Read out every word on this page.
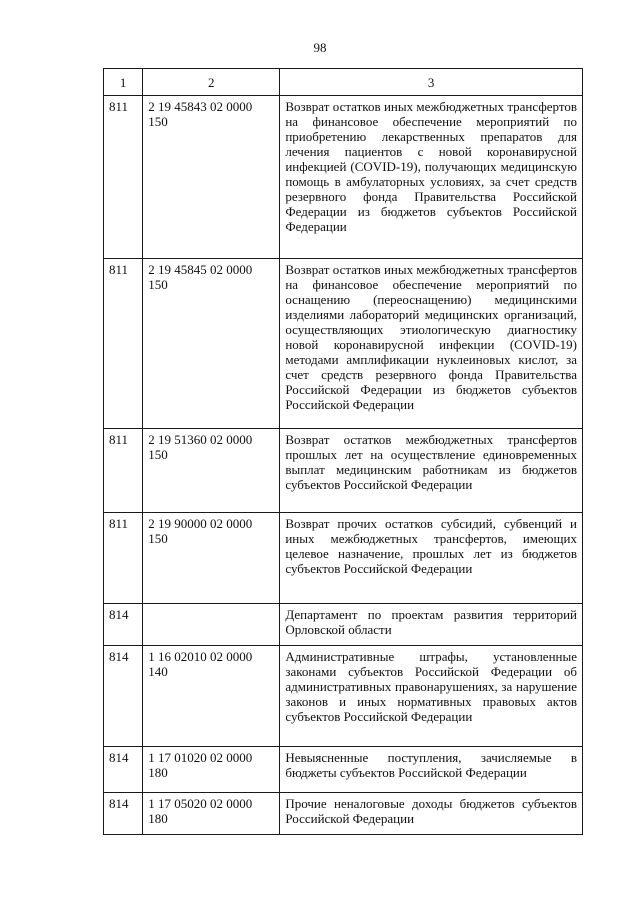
98
1	2	3
811	2 19 45843 02 0000 150	Возврат остатков иных межбюджетных трансфертов на финансовое обеспечение мероприятий по приобретению лекарственных препаратов для лечения пациентов с новой коронавирусной инфекцией (COVID-19), получающих медицинскую помощь в амбулаторных условиях, за счет средств резервного фонда Правительства Российской Федерации из бюджетов субъектов Российской Федерации
811	2 19 45845 02 0000 150	Возврат остатков иных межбюджетных трансфертов на финансовое обеспечение мероприятий по оснащению (переоснащению) медицинскими изделиями лабораторий медицинских организаций, осуществляющих этиологическую диагностику новой коронавирусной инфекции (COVID-19) методами амплификации нуклеиновых кислот, за счет средств резервного фонда Правительства Российской Федерации из бюджетов субъектов Российской Федерации
811	2 19 51360 02 0000 150	Возврат остатков межбюджетных трансфертов прошлых лет на осуществление единовременных выплат медицинским работникам из бюджетов субъектов Российской Федерации
811	2 19 90000 02 0000 150	Возврат прочих остатков субсидий, субвенций и иных межбюджетных трансфертов, имеющих целевое назначение, прошлых лет из бюджетов субъектов Российской Федерации
814		Департамент по проектам развития территорий Орловской области
814	1 16 02010 02 0000 140	Административные штрафы, установленные законами субъектов Российской Федерации об административных правонарушениях, за нарушение законов и иных нормативных правовых актов субъектов Российской Федерации
814	1 17 01020 02 0000 180	Невыясненные поступления, зачисляемые в бюджеты субъектов Российской Федерации
814	1 17 05020 02 0000 180	Прочие неналоговые доходы бюджетов субъектов Российской Федерации
